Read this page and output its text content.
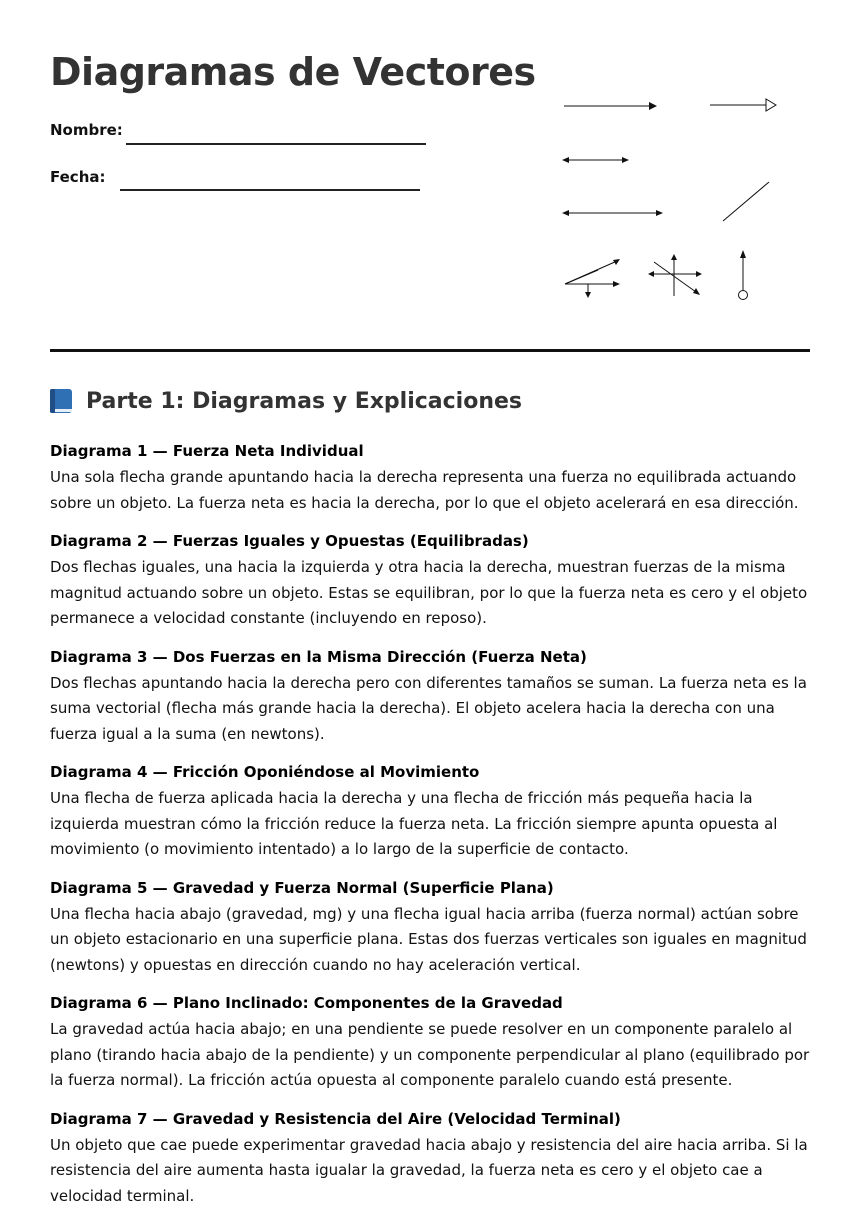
Diagramas de Vectores
Nombre:
Fecha:
Parte 1: Diagramas y Explicaciones
Diagrama 1 — Fuerza Neta Individual

Una sola flecha grande apuntando hacia la derecha representa una fuerza no equilibrada actuando sobre un objeto. La fuerza neta es hacia la derecha, por lo que el objeto acelerará en esa dirección.

Diagrama 2 — Fuerzas Iguales y Opuestas (Equilibradas)

Dos flechas iguales, una hacia la izquierda y otra hacia la derecha, muestran fuerzas de la misma magnitud actuando sobre un objeto. Estas se equilibran, por lo que la fuerza neta es cero y el objeto permanece a velocidad constante (incluyendo en reposo).

Diagrama 3 — Dos Fuerzas en la Misma Dirección (Fuerza Neta)

Dos flechas apuntando hacia la derecha pero con diferentes tamaños se suman. La fuerza neta es la suma vectorial (flecha más grande hacia la derecha). El objeto acelera hacia la derecha con una fuerza igual a la suma (en newtons).

Diagrama 4 — Fricción Oponiéndose al Movimiento

Una flecha de fuerza aplicada hacia la derecha y una flecha de fricción más pequeña hacia la izquierda muestran cómo la fricción reduce la fuerza neta. La fricción siempre apunta opuesta al movimiento (o movimiento intentado) a lo largo de la superficie de contacto.

Diagrama 5 — Gravedad y Fuerza Normal (Superficie Plana)

Una flecha hacia abajo (gravedad, mg) y una flecha igual hacia arriba (fuerza normal) actúan sobre un objeto estacionario en una superficie plana. Estas dos fuerzas verticales son iguales en magnitud (newtons) y opuestas en dirección cuando no hay aceleración vertical.

Diagrama 6 — Plano Inclinado: Componentes de la Gravedad

La gravedad actúa hacia abajo; en una pendiente se puede resolver en un componente paralelo al plano (tirando hacia abajo de la pendiente) y un componente perpendicular al plano (equilibrado por la fuerza normal). La fricción actúa opuesta al componente paralelo cuando está presente.

Diagrama 7 — Gravedad y Resistencia del Aire (Velocidad Terminal)

Un objeto que cae puede experimentar gravedad hacia abajo y resistencia del aire hacia arriba. Si la resistencia del aire aumenta hasta igualar la gravedad, la fuerza neta es cero y el objeto cae a velocidad terminal.
